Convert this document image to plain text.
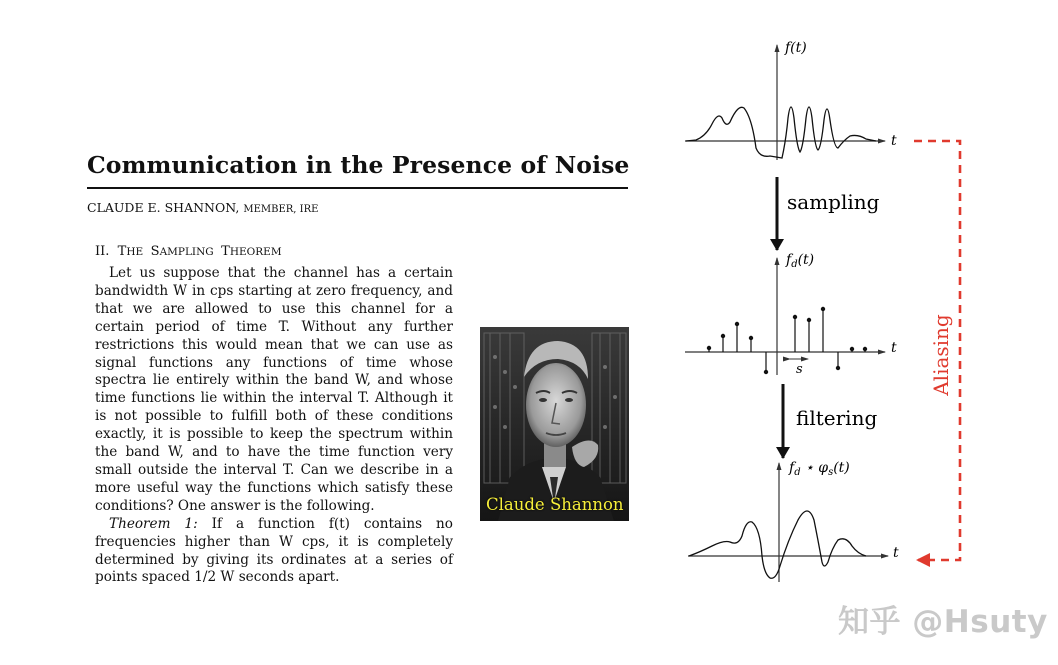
Communication in the Presence of Noise
CLAUDE E. SHANNON, MEMBER, IRE
II. THE  SAMPLING  THEOREM

Let us suppose that the channel has a certain bandwidth W in cps starting at zero frequency, and that we are allowed to use this channel for a certain period of time T. Without any further restrictions this would mean that we can use as signal functions any functions of time whose spectra lie entirely within the band W, and whose time functions lie within the interval T. Although it is not possible to fulfill both of these conditions exactly, it is possible to keep the spectrum within the band W, and to have the time function very small outside the interval T. Can we describe in a more useful way the functions which satisfy these conditions? One answer is the following.

Theorem 1: If a function f(t) contains no frequencies higher than W cps, it is completely determined by giving its ordinates at a series of points spaced 1/2 W seconds apart.

Claude Shannon
f(t)
t
sampling
s
$f_d(t)$
t
filtering
$f_d$ ⋆ $\varphi_s(t)$
t
Aliasing
知乎 @Hsuty
